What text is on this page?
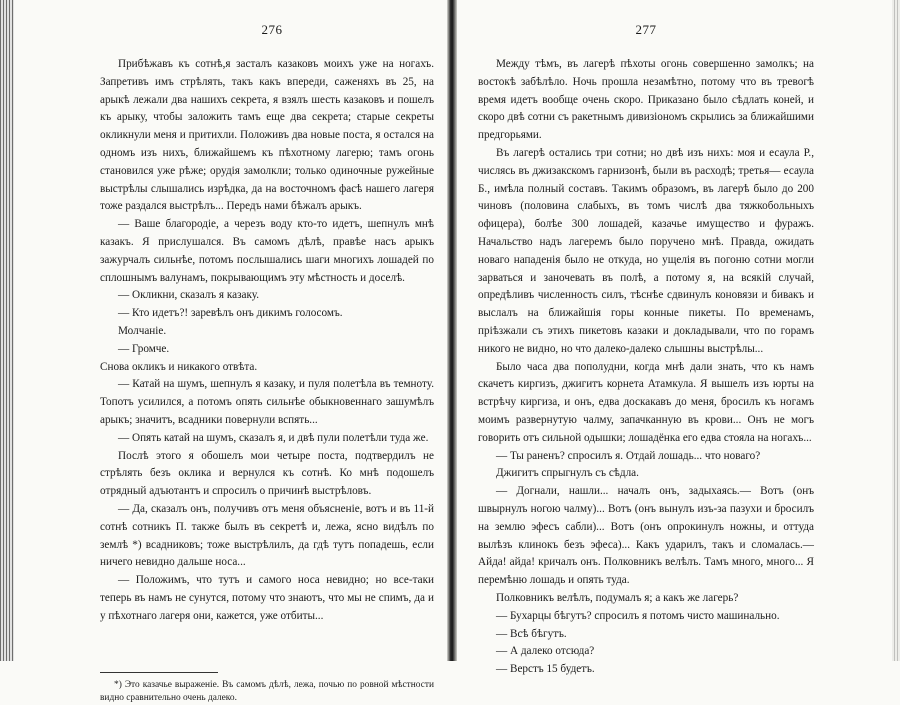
276

Прибѣжавъ къ сотнѣ,я засталъ казаковъ моихъ уже на ногахъ. Запретивъ имъ стрѣлять, такъ какъ впереди, саженяхъ въ 25, на арыкѣ лежали два нашихъ секрета, я взялъ шесть казаковъ и пошелъ къ арыку, чтобы заложить тамъ еще два секрета; старые секреты окликнули меня и притихли. Положивъ два новые поста, я остался на одномъ изъ нихъ, ближайшемъ къ пѣхотному лагерю; тамъ огонь становился уже рѣже; орудія замолкли; только одиночные ружейные выстрѣлы слышались изрѣдка, да на восточномъ фасѣ нашего лагеря тоже раздался выстрѣлъ... Передъ нами бѣжалъ арыкъ.

— Ваше благородіе, а черезъ воду кто-то идетъ, шепнулъ мнѣ казакъ. Я прислушался. Въ самомъ дѣлѣ, правѣе насъ арыкъ зажурчалъ сильнѣе, потомъ послышались шаги многихъ лошадей по сплошнымъ валунамъ, покрывающимъ эту мѣстность и доселѣ.

— Окликни, сказалъ я казаку.

— Кто идетъ?! заревѣлъ онъ дикимъ голосомъ.

Молчаніе.

— Громче.

Снова окликъ и никакого отвѣта.

— Катай на шумъ, шепнулъ я казаку, и пуля полетѣла въ темноту. Топотъ усилился, а потомъ опять сильнѣе обыкновеннаго зашумѣлъ арыкъ; значитъ, всадники повернули вспять...

— Опять катай на шумъ, сказалъ я, и двѣ пули полетѣли туда же.

Послѣ этого я обошелъ мои четыре поста, подтвердилъ не стрѣлять безъ оклика и вернулся къ сотнѣ. Ко мнѣ подошелъ отрядный адъютантъ и спросилъ о причинѣ выстрѣловъ.

— Да, сказалъ онъ, получивъ отъ меня объясненіе, вотъ и въ 11-й сотнѣ сотникъ П. также былъ въ секретѣ и, лежа, ясно видѣлъ по землѣ *) всадниковъ; тоже выстрѣлилъ, да гдѣ тутъ попадешь, если ничего невидно дальше носа...

— Положимъ, что тутъ и самого носа невидно; но все-таки теперь въ намъ не сунутся, потому что знаютъ, что мы не спимъ, да и у пѣхотнаго лагеря они, кажется, уже отбиты...

*) Это казачье выраженіе. Въ самомъ дѣлѣ, лежа, почью по ровной мѣстности видно сравнительно очень далеко.

277

Между тѣмъ, въ лагерѣ пѣхоты огонь совершенно замолкъ; на востокѣ забѣлѣло. Ночь прошла незамѣтно, потому что въ тревогѣ время идетъ вообще очень скоро. Приказано было сѣдлать коней, и скоро двѣ сотни съ ракетнымъ дивизіономъ скрылись за ближайшими предгорьями.

Въ лагерѣ остались три сотни; но двѣ изъ нихъ: моя и есаула Р., числясь въ джизакскомъ гарнизонѣ, были въ расходѣ; третья— есаула Б., имѣла полный составъ. Такимъ образомъ, въ лагерѣ было до 200 чиновъ (половина слабыхъ, въ томъ числѣ два тяжкобольныхъ офицера), болѣе 300 лошадей, казачье имущество и фуражъ. Начальство надъ лагеремъ было поручено мнѣ. Правда, ожидать новаго нападенія было не откуда, но ущелія въ погоню сотни могли зарваться и заночевать въ полѣ, а потому я, на всякій случай, опредѣливъ численность силъ, тѣснѣе сдвинулъ коновязи и бивакъ и выслалъ на ближайшія горы конные пикеты. По временамъ, пріѣзжали съ этихъ пикетовъ казаки и докладывали, что по горамъ никого не видно, но что далеко-далеко слышны выстрѣлы...

Было часа два пополудни, когда мнѣ дали знать, что къ намъ скачетъ киргизъ, джигитъ корнета Атамкула. Я вышелъ изъ юрты на встрѣчу киргиза, и онъ, едва доскакавъ до меня, бросилъ къ ногамъ моимъ развернутую чалму, запачканную въ крови... Онъ не могъ говорить отъ сильной одышки; лошадёнка его едва стояла на ногахъ...

— Ты раненъ? спросилъ я. Отдай лошадь... что новаго?

Джигитъ спрыгнулъ съ сѣдла.

— Догнали, нашли... началъ онъ, задыхаясь.— Вотъ (онъ швырнулъ ногою чалму)... Вотъ (онъ вынулъ изъ-за пазухи и бросилъ на землю эфесъ сабли)... Вотъ (онъ опрокинулъ ножны, и оттуда вылѣзъ клинокъ безъ эфеса)... Какъ ударилъ, такъ и сломалась.—Айда! айда! кричалъ онъ. Полковникъ велѣлъ. Тамъ много, много... Я перемѣню лошадь и опять туда.

Полковникъ велѣлъ, подумалъ я; а какъ же лагерь?

— Бухарцы бѣгутъ? спросилъ я потомъ чисто машинально.

— Всѣ бѣгутъ.

— А далеко отсюда?

— Верстъ 15 будетъ.
